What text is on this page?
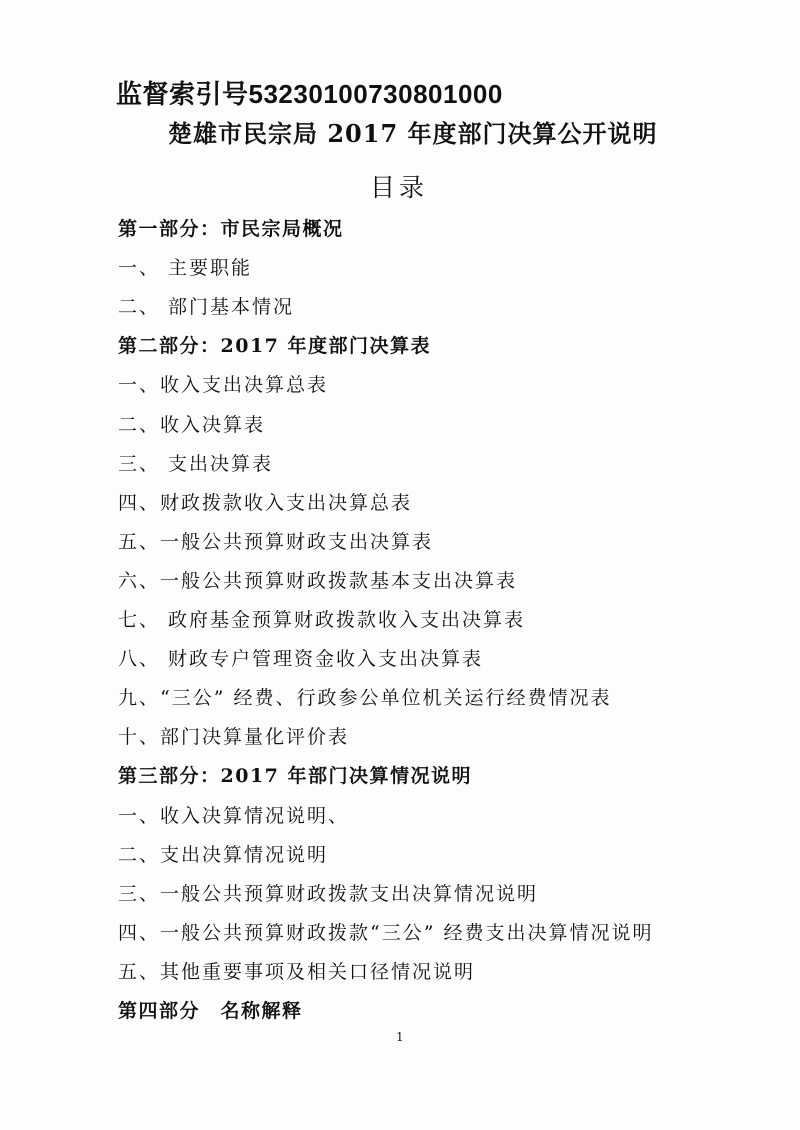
监督索引号53230100730801000
楚雄市民宗局 2017 年度部门决算公开说明
目录
第一部分：市民宗局概况
一、 主要职能
二、 部门基本情况
第二部分：2017 年度部门决算表
一、收入支出决算总表
二、收入决算表
三、 支出决算表
四、财政拨款收入支出决算总表
五、一般公共预算财政支出决算表
六、一般公共预算财政拨款基本支出决算表
七、 政府基金预算财政拨款收入支出决算表
八、 财政专户管理资金收入支出决算表
九、“三公” 经费、行政参公单位机关运行经费情况表
十、部门决算量化评价表
第三部分：2017 年部门决算情况说明
一、收入决算情况说明、
二、支出决算情况说明
三、一般公共预算财政拨款支出决算情况说明
四、一般公共预算财政拨款“三公” 经费支出决算情况说明
五、其他重要事项及相关口径情况说明
第四部分　名称解释
1
